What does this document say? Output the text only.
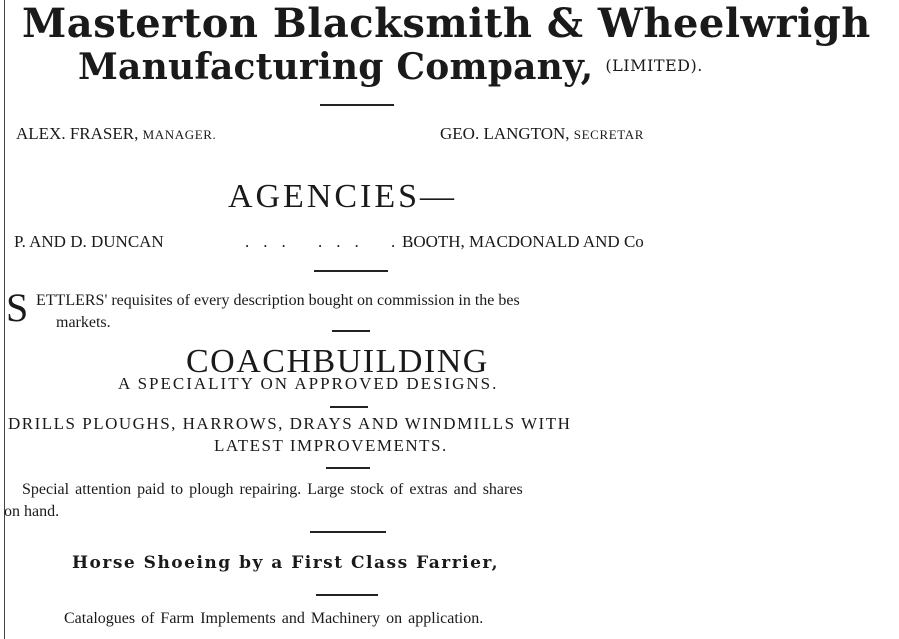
Masterton Blacksmith & Wheelwrigh
Manufacturing Company, $^{(LIMITED).}$
ALEX. FRASER, MANAGER.	GEO. LANGTON, SECRETAR
AGENCIES—
P. AND D. DUNCAN	... ... ...
BOOTH, MACDONALD AND Co
S ETTLERS' requisites of every description bought on commission in the bes
markets.
COACHBUILDING
A SPECIALITY ON APPROVED DESIGNS.
DRILLS PLOUGHS, HARROWS, DRAYS AND WINDMILLS WITH
LATEST IMPROVEMENTS.
Special attention paid to plough repairing. Large stock of extras and shares
on hand.
Horse Shoeing by a First Class Farrier,
Catalogues of Farm Implements and Machinery on application.
